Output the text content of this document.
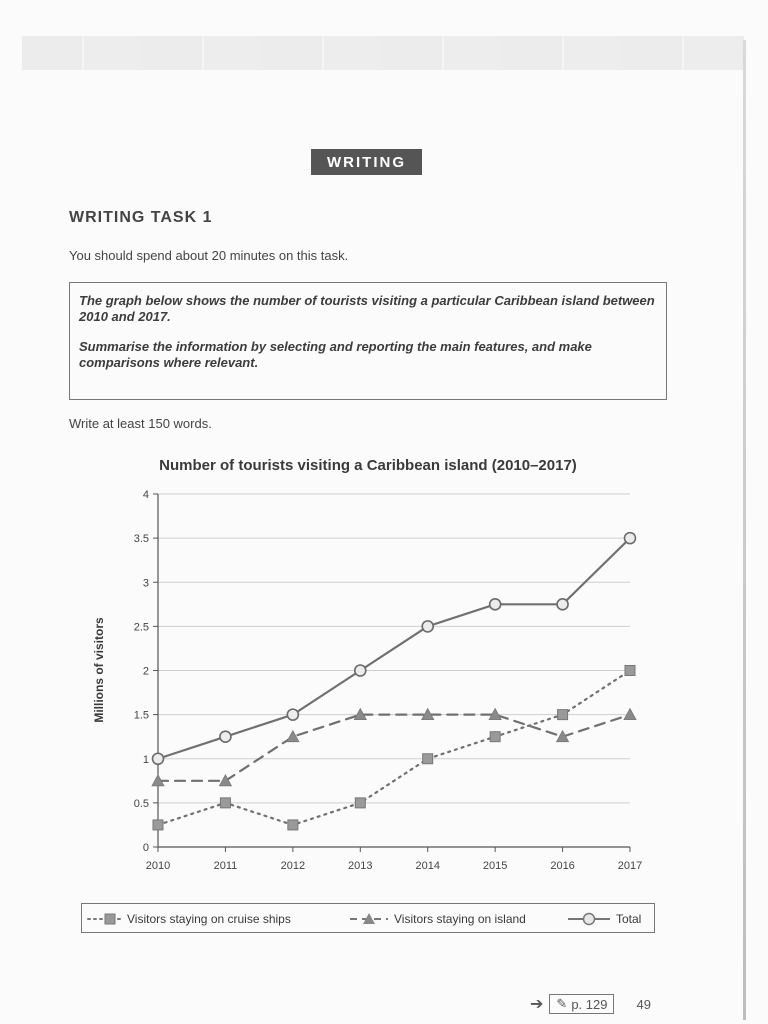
WRITING
WRITING TASK 1
You should spend about 20 minutes on this task.

The graph below shows the number of tourists visiting a particular Caribbean island between 2010 and 2017.

Summarise the information by selecting and reporting the main features, and make comparisons where relevant.

Write at least 150 words.
Number of tourists visiting a Caribbean island (2010–2017)
Millions of visitors
0
0.5
1
1.5
2
2.5
3
3.5
4
2010	2011	2012	2013	2014	2015	2016	2017
Visitors staying on cruise ships	Visitors staying on island	Total
➔ ✎ p. 129 49
